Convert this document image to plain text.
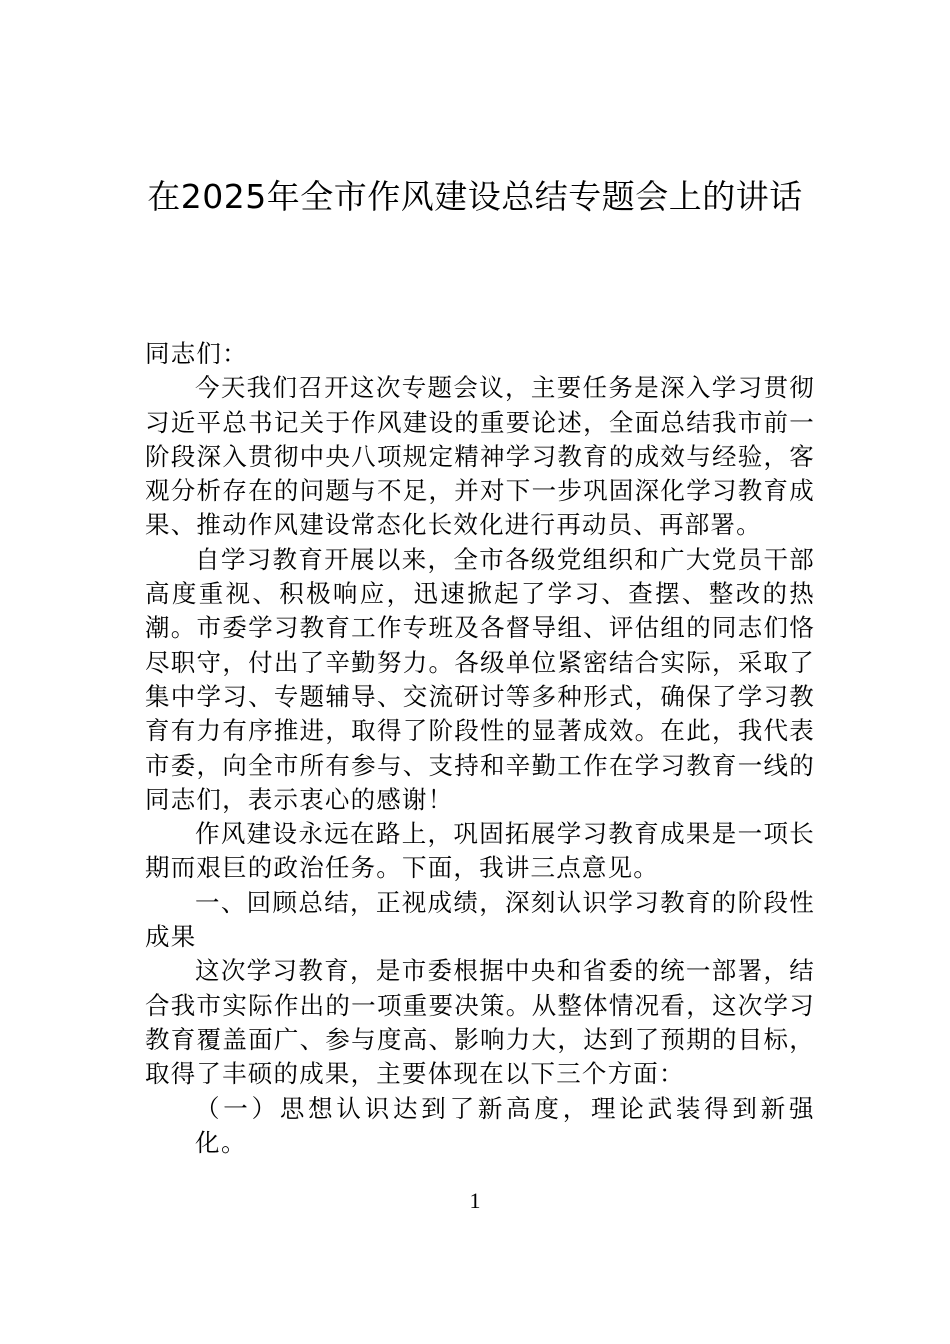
在2025年全市作风建设总结专题会上的讲话

同志们：

今天我们召开这次专题会议，主要任务是深入学习贯彻习近平总书记关于作风建设的重要论述，全面总结我市前一阶段深入贯彻中央八项规定精神学习教育的成效与经验，客观分析存在的问题与不足，并对下一步巩固深化学习教育成果、推动作风建设常态化长效化进行再动员、再部署。

自学习教育开展以来，全市各级党组织和广大党员干部高度重视、积极响应，迅速掀起了学习、查摆、整改的热潮。市委学习教育工作专班及各督导组、评估组的同志们恪尽职守，付出了辛勤努力。各级单位紧密结合实际，采取了集中学习、专题辅导、交流研讨等多种形式，确保了学习教育有力有序推进，取得了阶段性的显著成效。在此，我代表市委，向全市所有参与、支持和辛勤工作在学习教育一线的同志们，表示衷心的感谢！

作风建设永远在路上，巩固拓展学习教育成果是一项长期而艰巨的政治任务。下面，我讲三点意见。

一、回顾总结，正视成绩，深刻认识学习教育的阶段性成果

这次学习教育，是市委根据中央和省委的统一部署，结合我市实际作出的一项重要决策。从整体情况看，这次学习教育覆盖面广、参与度高、影响力大，达到了预期的目标，取得了丰硕的成果，主要体现在以下三个方面：

（一）思想认识达到了新高度，理论武装得到新强化。

1
